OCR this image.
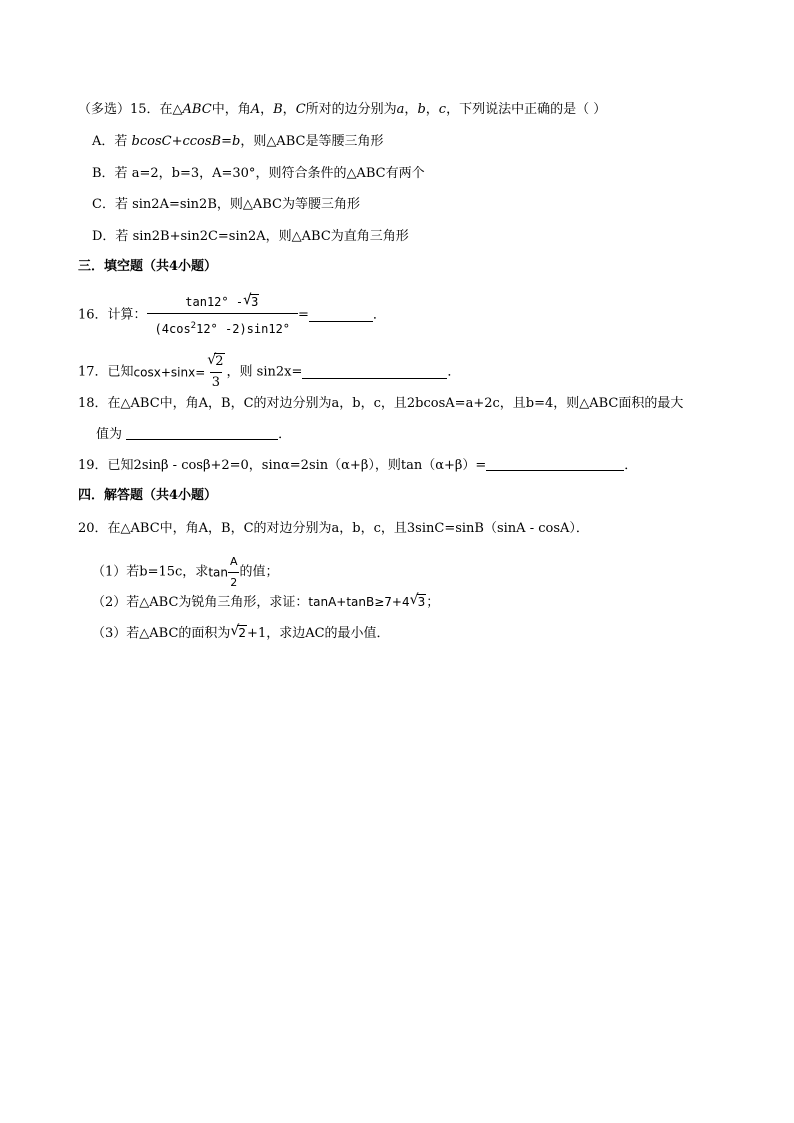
（多选）15．在△ABC中，角A，B，C所对的边分别为a，b，c，下列说法中正确的是（ ）
A．若 bcosC+ccosB=b，则△ABC是等腰三角形
B．若 a=2，b=3，A=30°，则符合条件的△ABC有两个
C．若 sin2A=sin2B，则△ABC为等腰三角形
D．若 sin2B+sin2C=sin2A，则△ABC为直角三角形
三．填空题（共4小题）
16．计算： $\frac{\tan 12^\circ - √ 3}{(4\cos^212^\circ -2)\sin 12^\circ}$ =	．
17．已知$\cos x+\sin x= \frac{√ 2}{3}$ ，则 sin2x=	．
18．在△ABC中，角A，B，C的对边分别为a，b，c，且2bcosA=a+2c，且b=4，则△ABC面积的最大
值为	．
19．已知2sinβ - cosβ+2=0，sinα=2sin（α+β），则tan（α+β）=	．
四．解答题（共4小题）
20．在△ABC中，角A，B，C的对边分别为a，b，c，且3sinC=sinB（sinA - cosA）．
（1）若b=15c，求$\tan \frac{A}{2}$ 的值；
（2）若△ABC为锐角三角形，求证：tanA+tanB≥7+4 √ 3；
（3）若△ABC的面积为 √ 2+1，求边AC的最小值．
